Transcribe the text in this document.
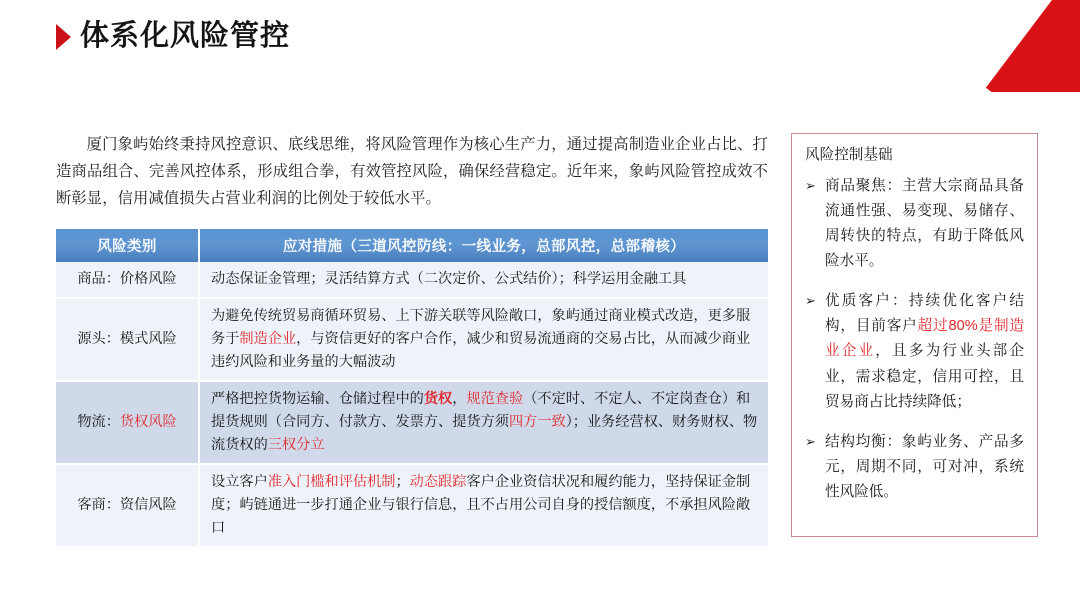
体系化风险管控

厦门象屿始终秉持风控意识、底线思维，将风险管理作为核心生产力，通过提高制造业企业占比、打造商品组合、完善风控体系，形成组合拳，有效管控风险，确保经营稳定。近年来，象屿风险管控成效不断彰显，信用减值损失占营业利润的比例处于较低水平。

风险类别	应对措施（三道风控防线：一线业务，总部风控，总部稽核）
商品：价格风险	动态保证金管理；灵活结算方式（二次定价、公式结价）；科学运用金融工具
源头：模式风险	为避免传统贸易商循环贸易、上下游关联等风险敞口，象屿通过商业模式改造，更多服务于制造企业，与资信更好的客户合作，减少和贸易流通商的交易占比，从而减少商业违约风险和业务量的大幅波动
物流：货权风险	严格把控货物运输、仓储过程中的货权，规范查验（不定时、不定人、不定岗查仓）和提货规则（合同方、付款方、发票方、提货方须四方一致）；业务经营权、财务财权、物流货权的三权分立
客商：资信风险	设立客户准入门槛和评估机制；动态跟踪客户企业资信状况和履约能力，坚持保证金制度；屿链通进一步打通企业与银行信息，且不占用公司自身的授信额度，不承担风险敞口
风险控制基础
➢ 商品聚焦：主营大宗商品具备流通性强、易变现、易储存、周转快的特点，有助于降低风险水平。
➢ 优质客户：持续优化客户结构，目前客户超过80%是制造业企业，且多为行业头部企业，需求稳定，信用可控，且贸易商占比持续降低；
➢ 结构均衡：象屿业务、产品多元，周期不同，可对冲，系统性风险低。
